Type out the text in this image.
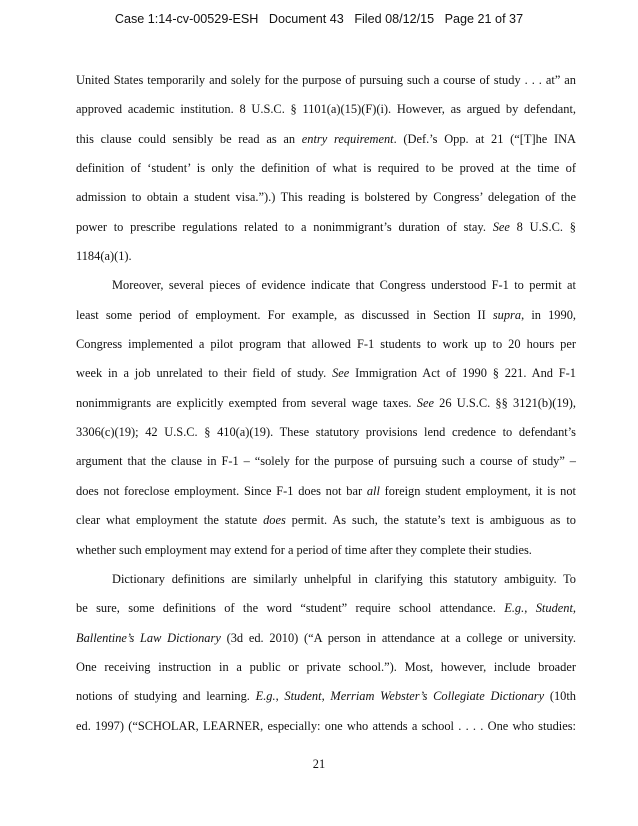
Case 1:14-cv-00529-ESH Document 43 Filed 08/12/15 Page 21 of 37
United States temporarily and solely for the purpose of pursuing such a course of study . . . at” an
approved academic institution. 8 U.S.C. § 1101(a)(15)(F)(i). However, as argued by defendant,
this clause could sensibly be read as an entry requirement. (Def.’s Opp. at 21 (“[T]he INA
definition of ‘student’ is only the definition of what is required to be proved at the time of
admission to obtain a student visa.”).) This reading is bolstered by Congress’ delegation of the
power to prescribe regulations related to a nonimmigrant’s duration of stay. See 8 U.S.C. §
1184(a)(1).
Moreover, several pieces of evidence indicate that Congress understood F-1 to permit at
least some period of employment. For example, as discussed in Section II supra, in 1990,
Congress implemented a pilot program that allowed F-1 students to work up to 20 hours per
week in a job unrelated to their field of study. See Immigration Act of 1990 § 221. And F-1
nonimmigrants are explicitly exempted from several wage taxes. See 26 U.S.C. §§ 3121(b)(19),
3306(c)(19); 42 U.S.C. § 410(a)(19). These statutory provisions lend credence to defendant’s
argument that the clause in F-1 – “solely for the purpose of pursuing such a course of study” –
does not foreclose employment. Since F-1 does not bar all foreign student employment, it is not
clear what employment the statute does permit. As such, the statute’s text is ambiguous as to
whether such employment may extend for a period of time after they complete their studies.
Dictionary definitions are similarly unhelpful in clarifying this statutory ambiguity. To
be sure, some definitions of the word “student” require school attendance. E.g., Student,
Ballentine’s Law Dictionary (3d ed. 2010) (“A person in attendance at a college or university.
One receiving instruction in a public or private school.”). Most, however, include broader
notions of studying and learning. E.g., Student, Merriam Webster’s Collegiate Dictionary (10th
ed. 1997) (“SCHOLAR, LEARNER, especially: one who attends a school . . . . One who studies:
21
